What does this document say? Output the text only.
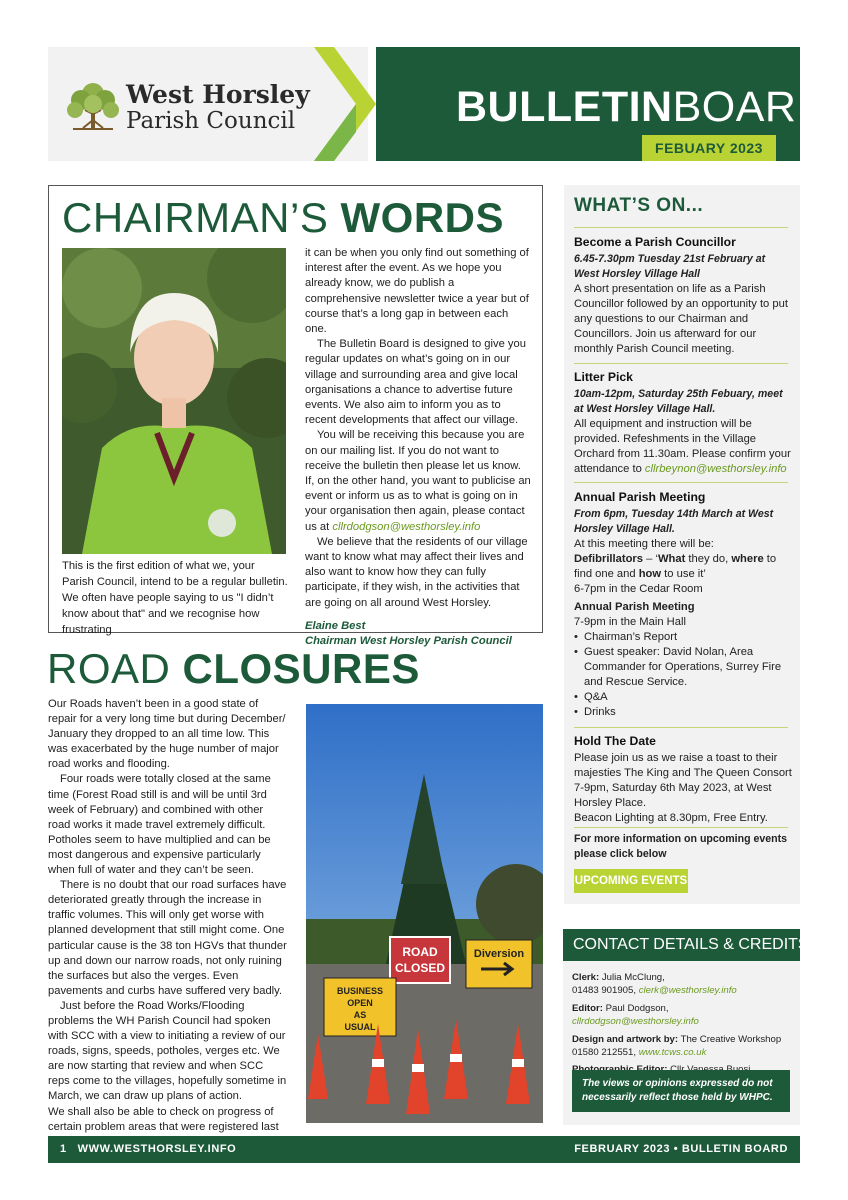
West Horsley
Parish Council	BULLETINBOARD
FEBUARY 2023
CHAIRMAN’S WORDS
This is the first edition of what we, your Parish Council, intend to be a regular bulletin. We often have people saying to us "I didn’t know about that" and we recognise how frustrating

it can be when you only find out something of interest after the event. As we hope you already know, we do publish a comprehensive newsletter twice a year but of course that’s a long gap in between each one.

The Bulletin Board is designed to give you regular updates on what’s going on in our village and surrounding area and give local organisations a chance to advertise future events. We also aim to inform you as to recent developments that affect our village.

You will be receiving this because you are on our mailing list. If you do not want to receive the bulletin then please let us know. If, on the other hand, you want to publicise an event or inform us as to what is going on in your organisation then again, please contact us at cllrdodgson@westhorsley.info

We believe that the residents of our village want to know what may affect their lives and also want to know how they can fully participate, if they wish, in the activities that are going on all around West Horsley.

Elaine Best

Chairman West Horsley Parish Council

ROAD CLOSURES

Our Roads haven’t been in a good state of repair for a very long time but during December/ January they dropped to an all time low. This was exacerbated by the huge number of major road works and flooding.

Four roads were totally closed at the same time (Forest Road still is and will be until 3rd week of February) and combined with other road works it made travel extremely difficult. Potholes seem to have multiplied and can be most dangerous and expensive particularly when full of water and they can’t be seen.

There is no doubt that our road surfaces have deteriorated greatly through the increase in traffic volumes. This will only get worse with planned development that still might come. One particular cause is the 38 ton HGVs that thunder up and down our narrow roads, not only ruining the surfaces but also the verges. Even pavements and curbs have suffered very badly.

Just before the Road Works/Flooding problems the WH Parish Council had spoken with SCC with a view to initiating a review of our roads, signs, speeds, potholes, verges etc. We are now starting that review and when SCC reps come to the villages, hopefully sometime in March, we can draw up plans of action.

We shall also be able to check on progress of certain problem areas that were registered last

ROAD
CLOSED
Diversion
BUSINESS
OPEN
AS
USUAL
WHAT’S ON...
Become a Parish Councillor
6.45-7.30pm Tuesday 21st February at West Horsley Village Hall
A short presentation on life as a Parish Councillor followed by an opportunity to put any questions to our Chairman and Councillors. Join us afterward for our monthly Parish Council meeting.
Litter Pick
10am-12pm, Saturday 25th Febuary, meet at West Horsley Village Hall.
All equipment and instruction will be provided. Refeshments in the Village Orchard from 11.30am. Please confirm your attendance to cllrbeynon@westhorsley.info
Annual Parish Meeting
From 6pm, Tuesday 14th March at West Horsley Village Hall.
At this meeting there will be:
Defibrillators – ‘What they do, where to find one and how to use it’
6-7pm in the Cedar Room
Annual Parish Meeting
7-9pm in the Main Hall
• Chairman’s Report
• Guest speaker: David Nolan, Area Commander for Operations, Surrey Fire and Rescue Service.
• Q&A
• Drinks
Hold The Date
Please join us as we raise a toast to their majesties The King and The Queen Consort 7-9pm, Saturday 6th May 2023, at West Horsley Place.
Beacon Lighting at 8.30pm, Free Entry.
For more information on upcoming events please click below
UPCOMING EVENTS
CONTACT DETAILS & CREDITS

Clerk: Julia McClung,
01483 901905, clerk@westhorsley.info

Editor: Paul Dodgson, cllrdodgson@westhorsley.info

Design and artwork by: The Creative Workshop
01580 212551, www.tcws.co.uk

The views or opinions expressed do not necessarily reflect those held by WHPC.
1   WWW.WESTHORSLEY.INFO	FEBRUARY 2023 • BULLETIN BOARD
